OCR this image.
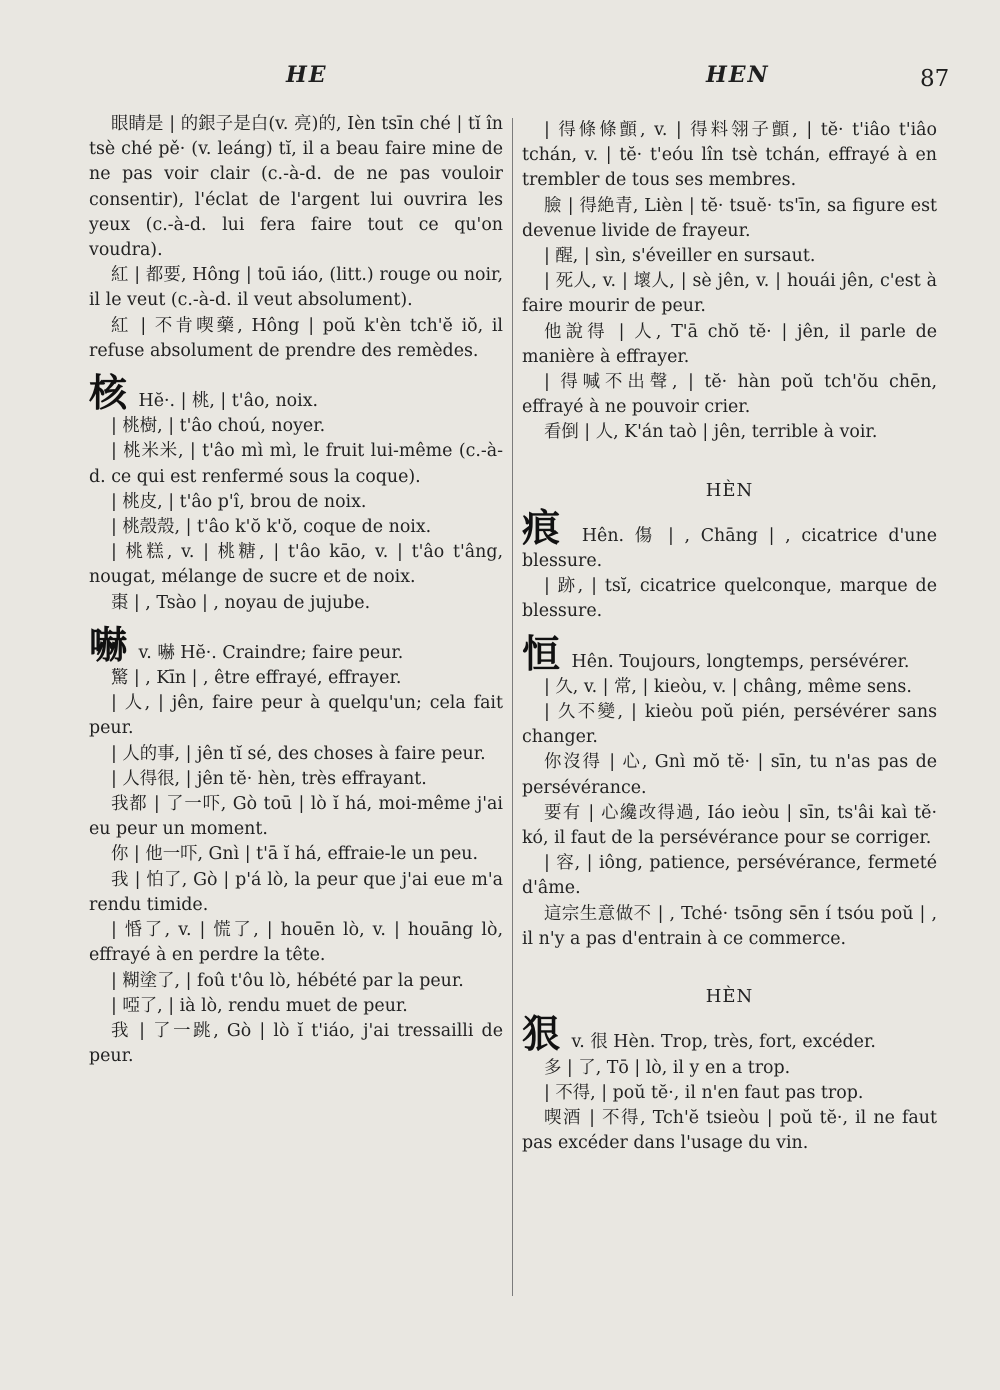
HE	HEN	87

眼睛是 | 的銀子是白(v. 亮)的, Ièn tsīn ché | tĭ în tsè ché pě· (v. leáng) tĭ, il a beau faire mine de ne pas voir clair (c.-à-d. de ne pas vouloir consentir), l'éclat de l'argent lui ouvrira les yeux (c.-à-d. lui fera faire tout ce qu'on voudra).

紅 | 都要, Hông | toū iáo, (litt.) rouge ou noir, il le veut (c.-à-d. il veut absolument).

紅 | 不肯喫藥, Hông | poŭ k'èn tch'ĕ iŏ, il refuse absolument de prendre des remèdes.

核 Hĕ·. | 桃, | t'âo, noix.

| 桃樹, | t'âo choú, noyer.

| 桃米米, | t'âo mì mì, le fruit lui-même (c.-à-d. ce qui est renfermé sous la coque).

| 桃皮, | t'âo p'î, brou de noix.

| 桃殼殼, | t'âo k'ŏ k'ŏ, coque de noix.

| 桃糕, v. | 桃糖, | t'âo kāo, v. | t'âo t'âng, nougat, mélange de sucre et de noix.

棗 | , Tsào | , noyau de jujube.

嚇 v. 嚇 Hĕ·. Craindre; faire peur.

驚 | , Kīn | , être effrayé, effrayer.

| 人, | jên, faire peur à quelqu'un; cela fait peur.

| 人的事, | jên tĭ sé, des choses à faire peur.

| 人得很, | jên tĕ· hèn, très effrayant.

我都 | 了一吓, Gò toū | lò ĭ há, moi-même j'ai eu peur un moment.

你 | 他一吓, Gnì | t'ā ĭ há, effraie-le un peu.

我 | 怕了, Gò | p'á lò, la peur que j'ai eue m'a rendu timide.

| 惛了, v. | 慌了, | houēn lò, v. | houāng lò, effrayé à en perdre la tête.

| 糊塗了, | foû t'ôu lò, hébété par la peur.

| 啞了, | ià lò, rendu muet de peur.

我 | 了一跳, Gò | lò ĭ t'iáo, j'ai tressailli de peur.

| 得條條顫, v. | 得料翎子顫, | tĕ· t'iâo t'iâo tchán, v. | tĕ· t'eóu lîn tsè tchán, effrayé à en trembler de tous ses membres.

臉 | 得絶青, Lièn | tĕ· tsuĕ· ts'īn, sa figure est devenue livide de frayeur.

| 醒, | sìn, s'éveiller en sursaut.

| 死人, v. | 壞人, | sè jên, v. | houái jên, c'est à faire mourir de peur.

他說得 | 人, T'ā chŏ tĕ· | jên, il parle de manière à effrayer.

| 得喊不出聲, | tĕ· hàn poŭ tch'ŏu chēn, effrayé à ne pouvoir crier.

看倒 | 人, K'án taò | jên, terrible à voir.

HÈN

痕 Hên. 傷 | , Chāng | , cicatrice d'une blessure.

| 跡, | tsĭ, cicatrice quelconque, marque de blessure.

恒 Hên. Toujours, longtemps, persévérer.

| 久, v. | 常, | kieòu, v. | châng, même sens.

| 久不變, | kieòu poŭ pién, persévérer sans changer.

你沒得 | 心, Gnì mŏ tĕ· | sīn, tu n'as pas de persévérance.

要有 | 心纔改得過, Iáo ieòu | sīn, ts'âi kaì tĕ· kó, il faut de la persévérance pour se corriger.

| 容, | iông, patience, persévérance, fermeté d'âme.

這宗生意做不 | , Tché· tsōng sēn í tsóu poŭ | , il n'y a pas d'entrain à ce commerce.

HÈN

狠 v. 很 Hèn. Trop, très, fort, excéder.

多 | 了, Tō | lò, il y en a trop.

| 不得, | poŭ tĕ·, il n'en faut pas trop.

喫酒 | 不得, Tch'ĕ tsieòu | poŭ tĕ·, il ne faut pas excéder dans l'usage du vin.
